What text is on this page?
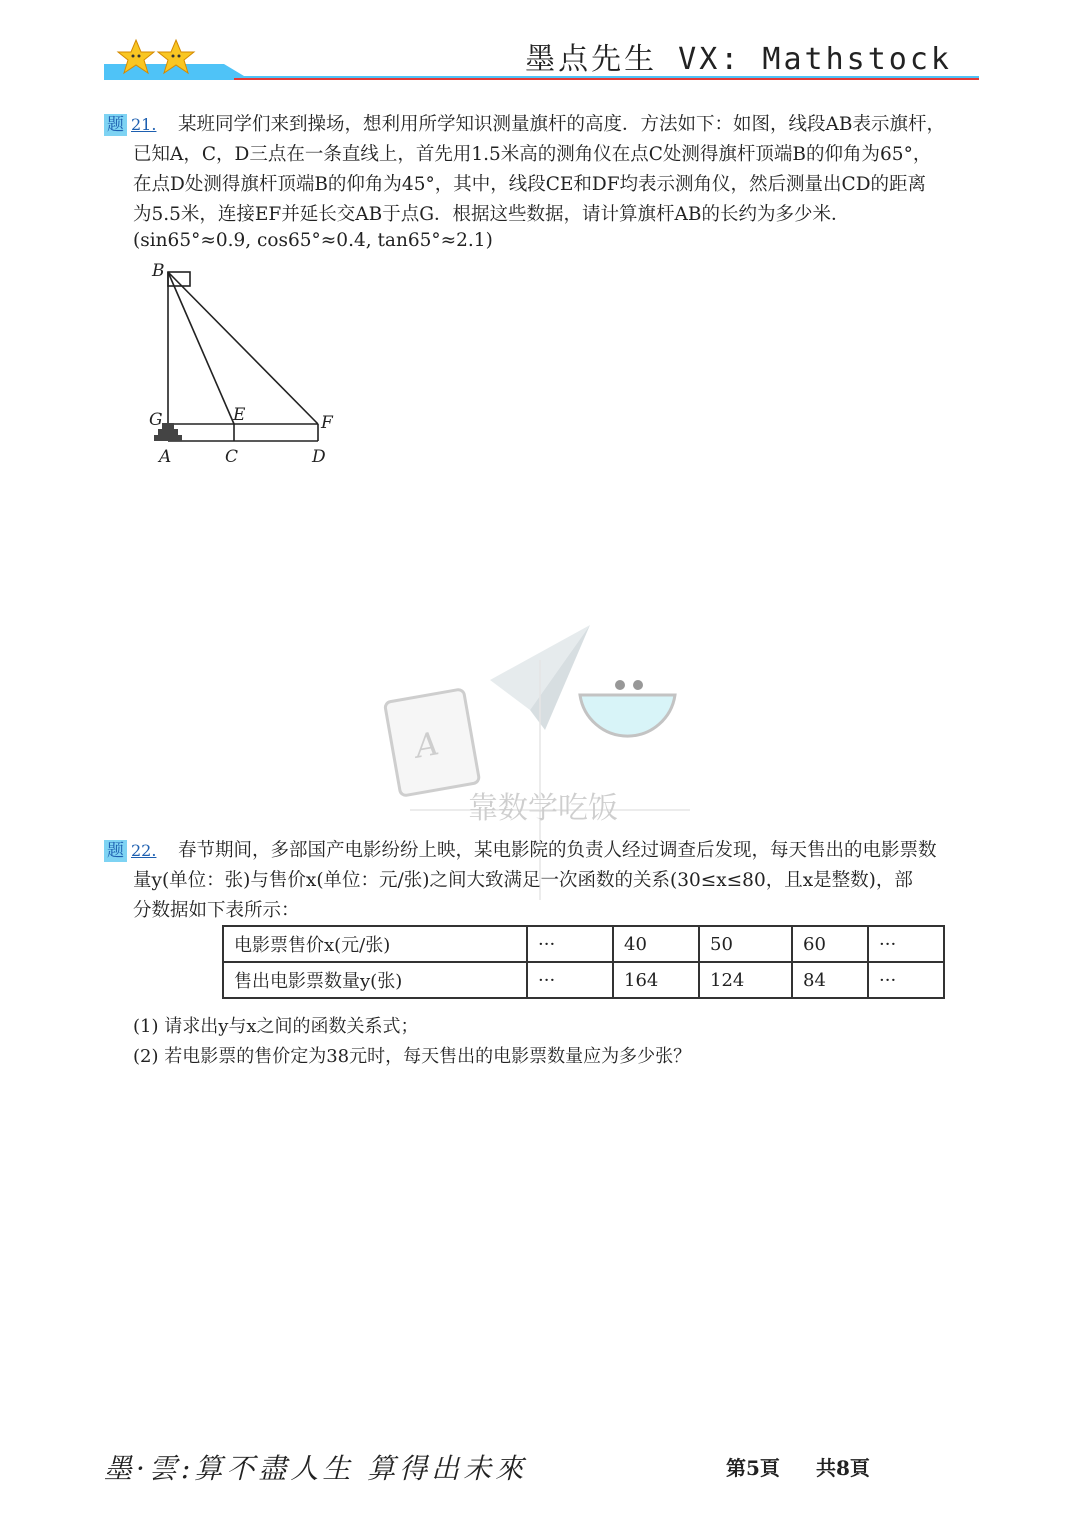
墨点先生 VX: Mathstock
题 21.	某班同学们来到操场，想利用所学知识测量旗杆的高度．方法如下：如图，线段AB表示旗杆，
已知A，C，D三点在一条直线上，首先用1.5米高的测角仪在点C处测得旗杆顶端B的仰角为65°，
在点D处测得旗杆顶端B的仰角为45°，其中，线段CE和DF均表示测角仪，然后测量出CD的距离
为5.5米，连接EF并延长交AB于点G．根据这些数据，请计算旗杆AB的长约为多少米．
(sin65°≈0.9, cos65°≈0.4, tan65°≈2.1)
B
G	E	F
A	C	D
A
靠数学吃饭
题 22.	春节期间，多部国产电影纷纷上映，某电影院的负责人经过调查后发现，每天售出的电影票数
量y(单位：张)与售价x(单位：元/张)之间大致满足一次函数的关系(30≤x≤80，且x是整数)，部
分数据如下表所示：
电影票售价x(元/张)	···	40	50	60	···
售出电影票数量y(张)	···	164	124	84	···
(1) 请求出y与x之间的函数关系式；
(2) 若电影票的售价定为38元时，每天售出的电影票数量应为多少张？
墨·雲:算不盡人生 算得出未來	第5頁 共8頁
